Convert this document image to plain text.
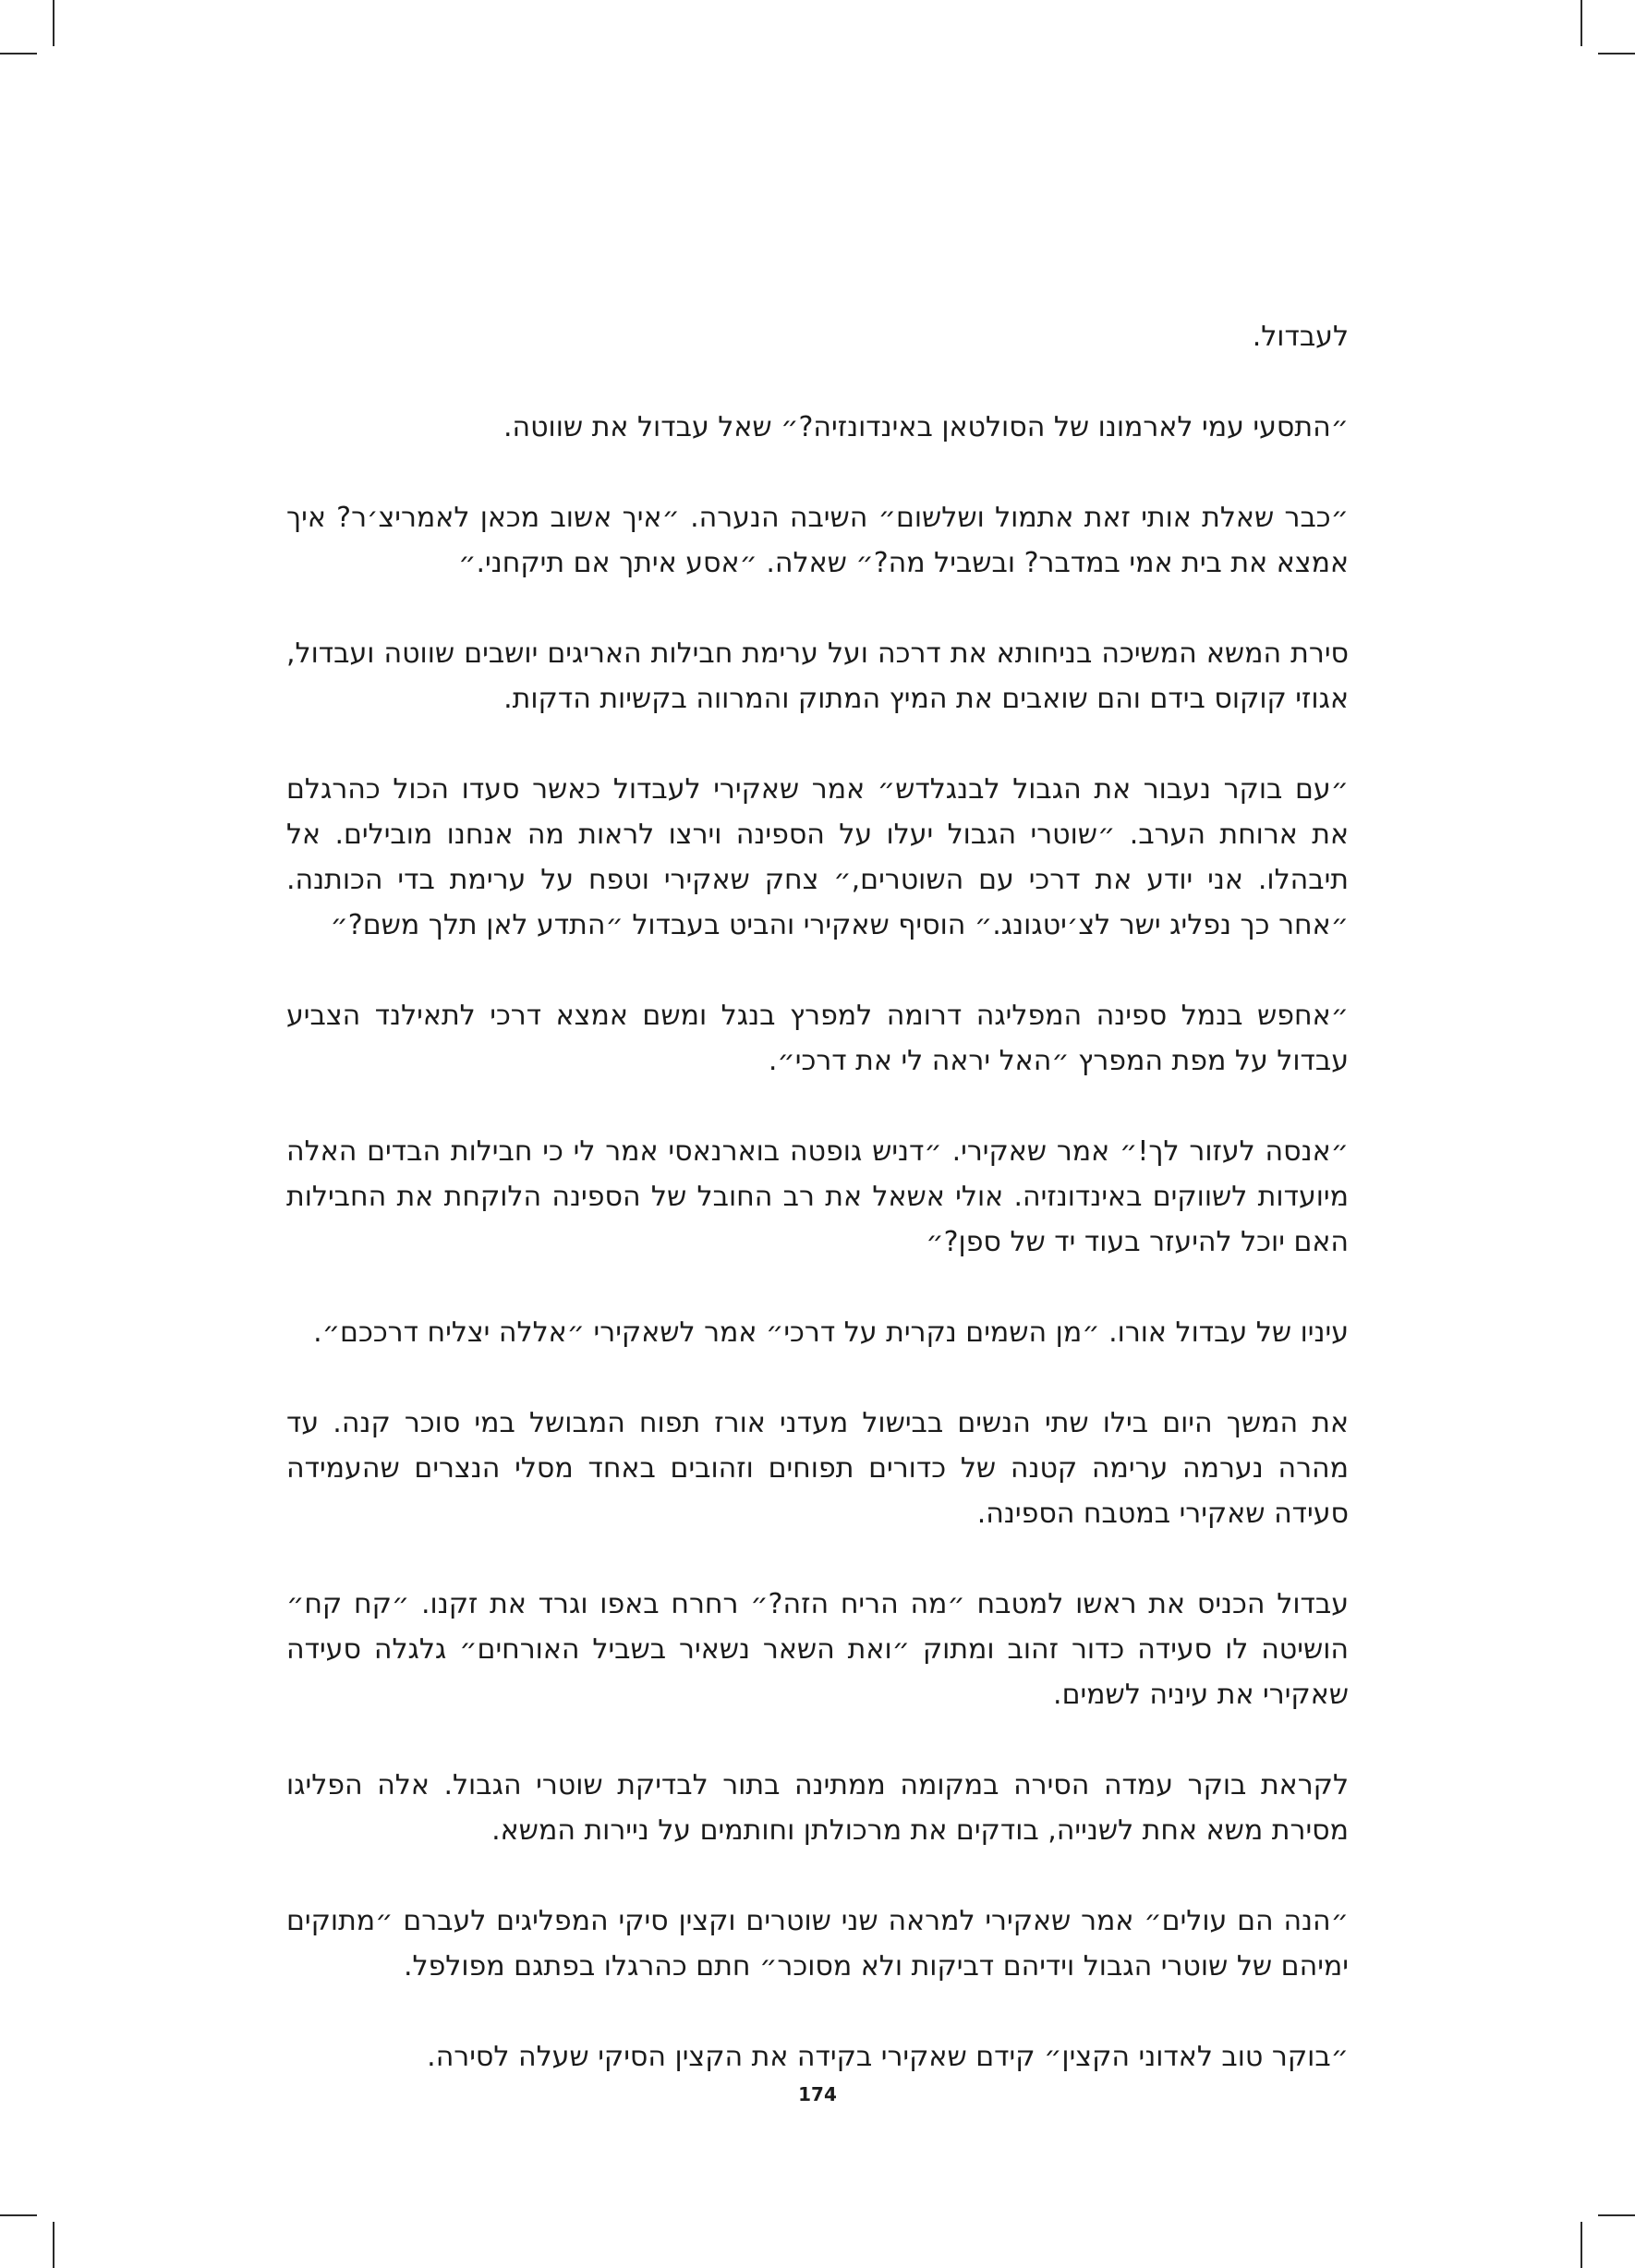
לעבדול.

״התסעי עמי לארמונו של הסולטאן באינדונזיה?״ שאל עבדול את שווטה.

״כבר שאלת אותי זאת אתמול ושלשום״ השיבה הנערה. ״איך אשוב מכאן לאמריצ׳ר? איך אמצא את בית אמי במדבר? ובשביל מה?״ שאלה. ״אסע איתך אם תיקחני.״

סירת המשא המשיכה בניחותא את דרכה ועל ערימת חבילות האריגים יושבים שווטה ועבדול, אגוזי קוקוס בידם והם שואבים את המיץ המתוק והמרווה בקשיות הדקות.

״עם בוקר נעבור את הגבול לבנגלדש״ אמר שאקירי לעבדול כאשר סעדו הכול כהרגלם את ארוחת הערב. ״שוטרי הגבול יעלו על הספינה וירצו לראות מה אנחנו מובילים. אל תיבהלו. אני יודע את דרכי עם השוטרים,״ צחק שאקירי וטפח על ערימת בדי הכותנה. ״אחר כך נפליג ישר לצ׳יטגונג.״ הוסיף שאקירי והביט בעבדול ״התדע לאן תלך משם?״

״אחפש בנמל ספינה המפליגה דרומה למפרץ בנגל ומשם אמצא דרכי לתאילנד הצביע עבדול על מפת המפרץ ״האל יראה לי את דרכי״.

״אנסה לעזור לך!״ אמר שאקירי. ״דניש גופטה בוארנאסי אמר לי כי חבילות הבדים האלה מיועדות לשווקים באינדונזיה. אולי אשאל את רב החובל של הספינה הלוקחת את החבילות האם יוכל להיעזר בעוד יד של ספן?״

עיניו של עבדול אורו. ״מן השמים נקרית על דרכי״ אמר לשאקירי ״אללה יצליח דרככם״.

את המשך היום בילו שתי הנשים בבישול מעדני אורז תפוח המבושל במי סוכר קנה. עד מהרה נערמה ערימה קטנה של כדורים תפוחים וזהובים באחד מסלי הנצרים שהעמידה סעידה שאקירי במטבח הספינה.

עבדול הכניס את ראשו למטבח ״מה הריח הזה?״ רחרח באפו וגרד את זקנו. ״קח קח״ הושיטה לו סעידה כדור זהוב ומתוק ״ואת השאר נשאיר בשביל האורחים״ גלגלה סעידה שאקירי את עיניה לשמים.

לקראת בוקר עמדה הסירה במקומה ממתינה בתור לבדיקת שוטרי הגבול. אלה הפליגו מסירת משא אחת לשנייה, בודקים את מרכולתן וחותמים על ניירות המשא.

״הנה הם עולים״ אמר שאקירי למראה שני שוטרים וקצין סיקי המפליגים לעברם ״מתוקים ימיהם של שוטרי הגבול וידיהם דביקות ולא מסוכר״ חתם כהרגלו בפתגם מפולפל.

״בוקר טוב לאדוני הקצין״ קידם שאקירי בקידה את הקצין הסיקי שעלה לסירה.

174
